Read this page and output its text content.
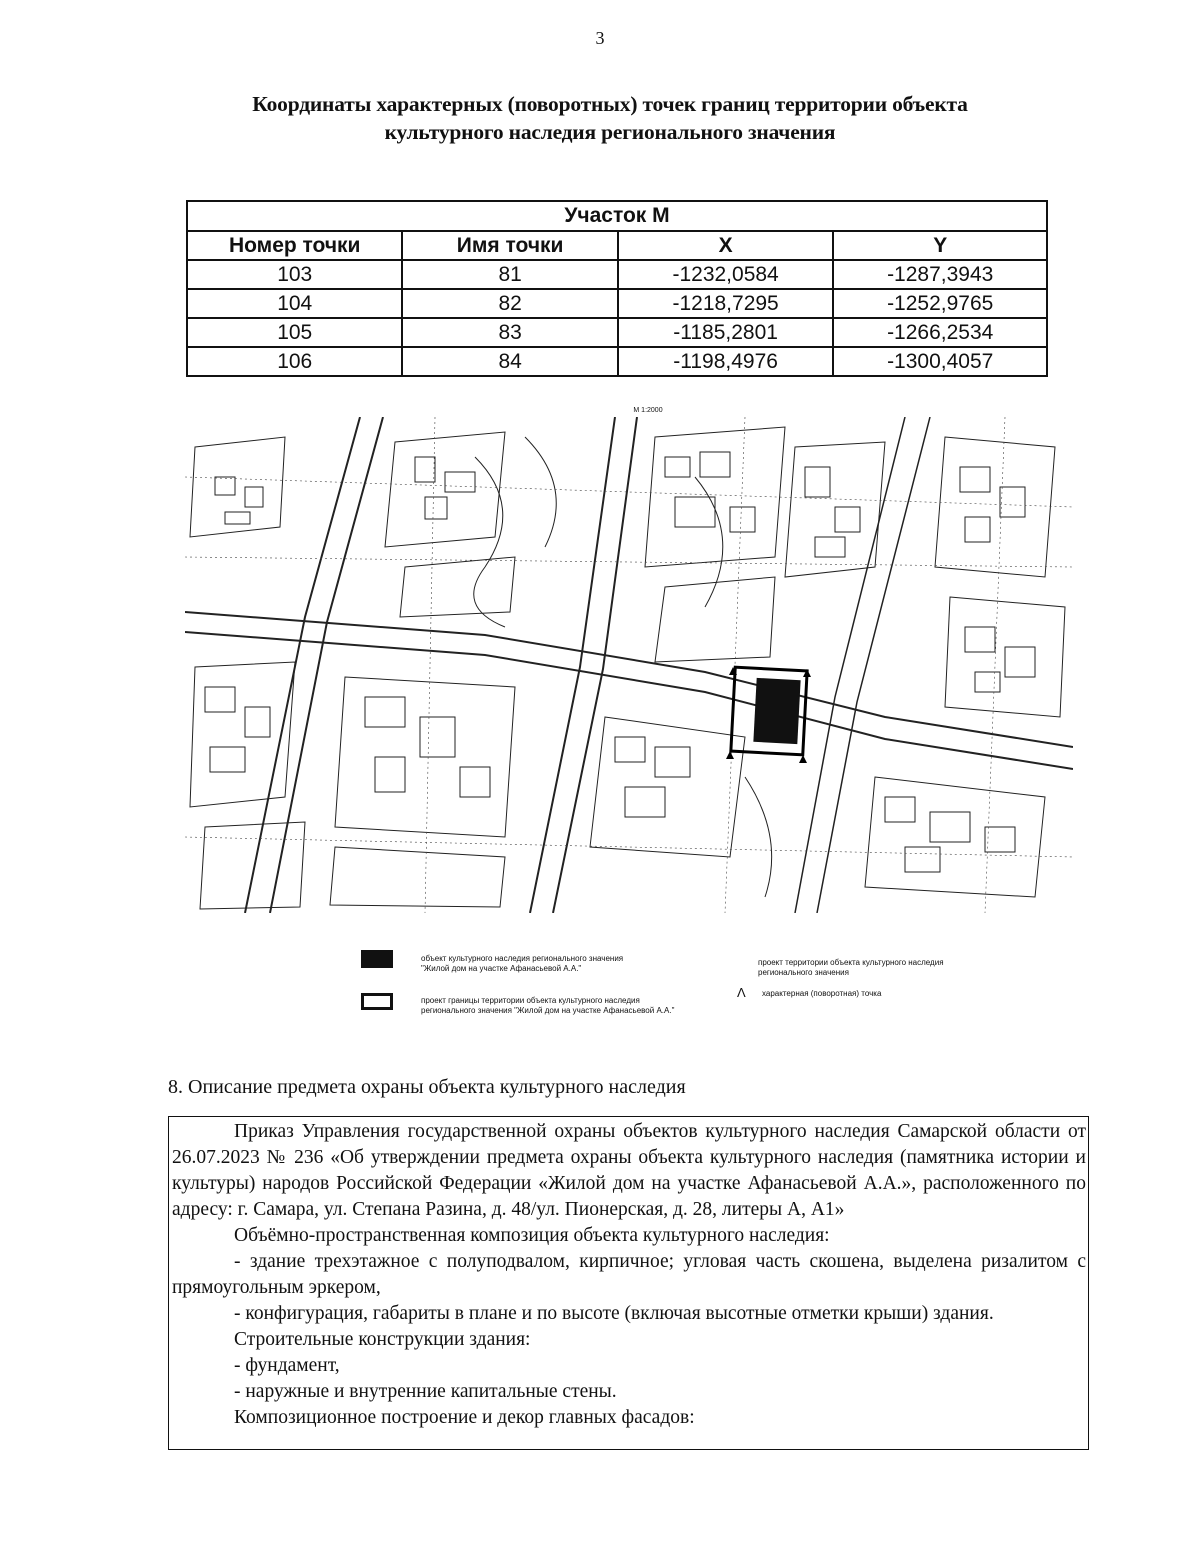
3
Координаты характерных (поворотных) точек границ территории объекта
культурного наследия регионального значения
Участок М			
Номер точки	Имя точки	X	Y
103	81	-1232,0584	-1287,3943
104	82	-1218,7295	-1252,9765
105	83	-1185,2801	-1266,2534
106	84	-1198,4976	-1300,4057
М 1:2000
объект культурного наследия регионального значения "Жилой дом на участке Афанасьевой А.А."
проект границы территории объекта культурного наследия регионального значения "Жилой дом на участке Афанасьевой А.А."
проект территории объекта культурного наследия регионального значения
Λ характерная (поворотная) точка
8. Описание предмета охраны объекта культурного наследия

Приказ Управления государственной охраны объектов культурного наследия Самарской области от 26.07.2023 № 236 «Об утверждении предмета охраны объекта культурного наследия (памятника истории и культуры) народов Российской Федерации «Жилой дом на участке Афанасьевой А.А.», расположенного по адресу: г. Самара, ул. Степана Разина, д. 48/ул. Пионерская, д. 28, литеры А, А1»

Объёмно-пространственная композиция объекта культурного наследия:

- здание трехэтажное с полуподвалом, кирпичное; угловая часть скошена, выделена ризалитом с прямоугольным эркером,

- конфигурация, габариты в плане и по высоте (включая высотные отметки крыши) здания.

Строительные конструкции здания:

- фундамент,

- наружные и внутренние капитальные стены.

Композиционное построение и декор главных фасадов:
